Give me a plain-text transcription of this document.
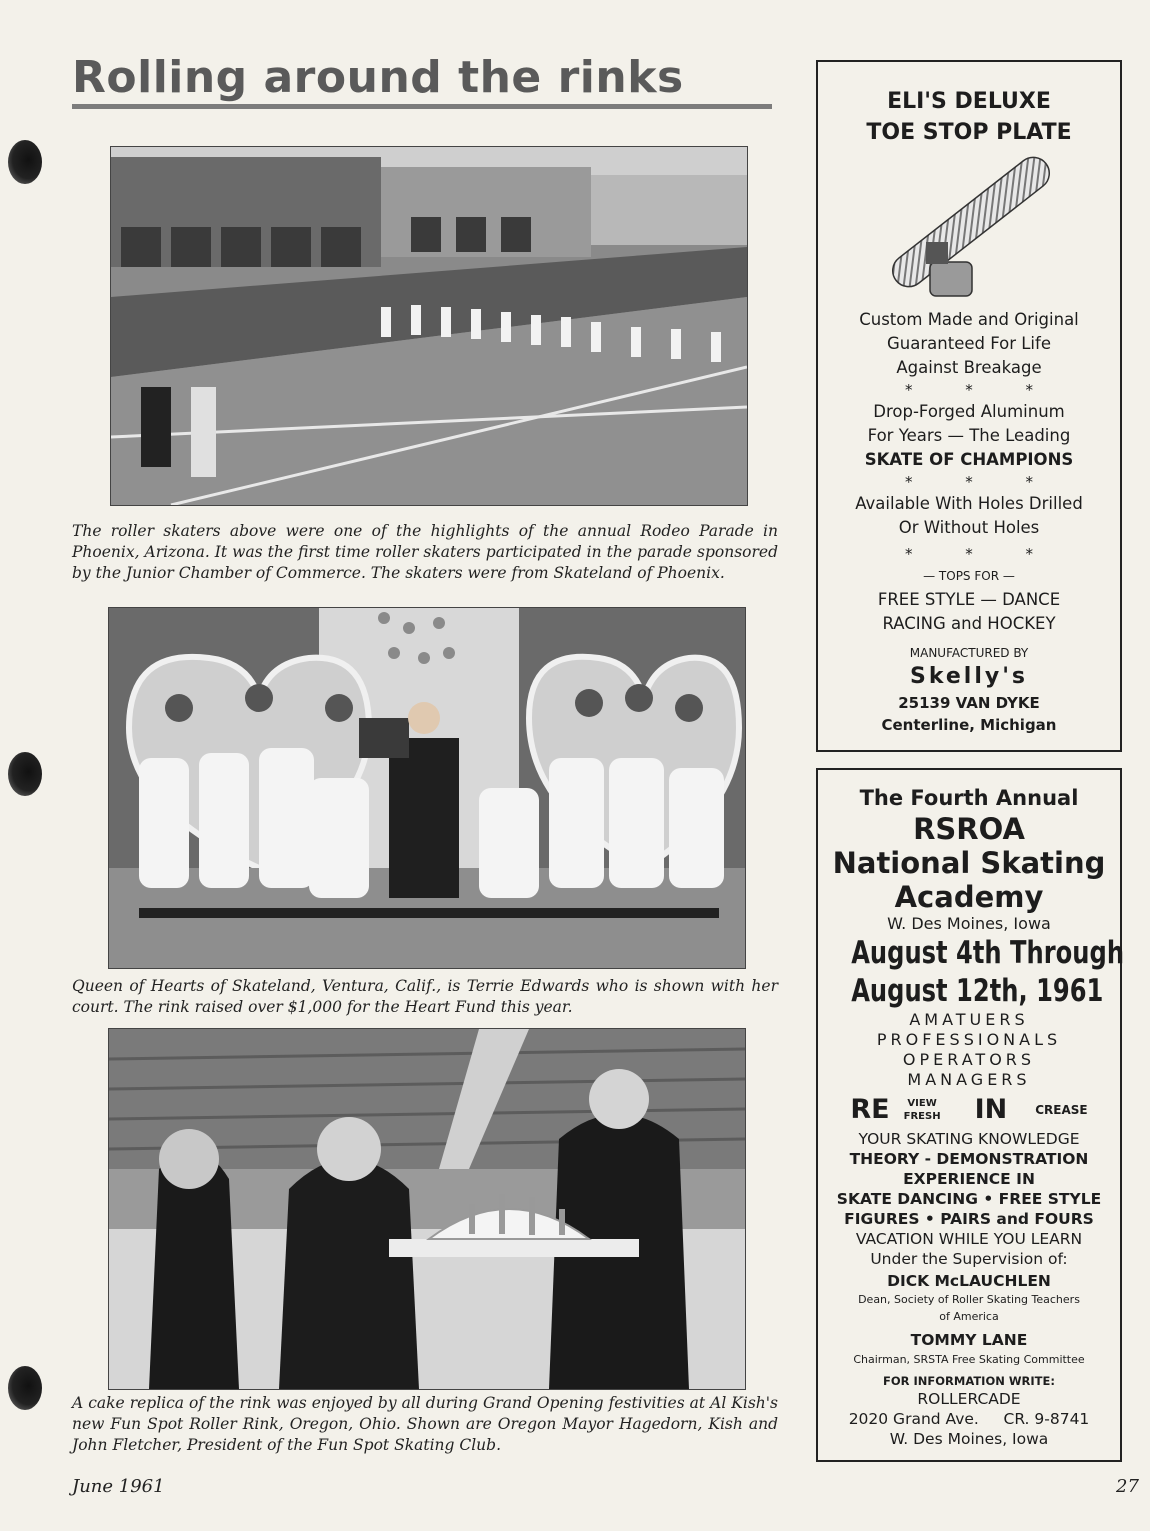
Rolling around the rinks

The roller skaters above were one of the highlights of the annual Rodeo Parade in Phoenix, Arizona. It was the first time roller skaters participated in the parade sponsored by the Junior Chamber of Commerce. The skaters were from Skateland of Phoenix.

Queen of Hearts of Skateland, Ventura, Calif., is Terrie Edwards who is shown with her court. The rink raised over $1,000 for the Heart Fund this year.

A cake replica of the rink was enjoyed by all during Grand Opening festivities at Al Kish's new Fun Spot Roller Rink, Oregon, Ohio. Shown are Oregon Mayor Hagedorn, Kish and John Fletcher, President of the Fun Spot Skating Club.

June 1961	27
ELI'S DELUXE
TOE STOP PLATE
Custom Made and Original
Guaranteed For Life
Against Breakage
* * *
Drop-Forged Aluminum
For Years — The Leading
SKATE OF CHAMPIONS
* * *
Available With Holes Drilled
Or Without Holes
* * *
— TOPS FOR —
FREE STYLE — DANCE
RACING and HOCKEY
MANUFACTURED BY
Skelly's
25139 VAN DYKE
Centerline, Michigan
The Fourth Annual
RSROA
National Skating
Academy
W. Des Moines, Iowa
August 4th Through
August 12th, 1961
AMATUERS
PROFESSIONALS
OPERATORS
MANAGERS
RE	VIEW
FRESH IN CREASE
YOUR SKATING KNOWLEDGE
THEORY - DEMONSTRATION
EXPERIENCE IN
SKATE DANCING • FREE STYLE
FIGURES • PAIRS and FOURS
VACATION WHILE YOU LEARN
Under the Supervision of:
DICK McLAUCHLEN
Dean, Society of Roller Skating Teachers
of America
TOMMY LANE
Chairman, SRSTA Free Skating Committee
FOR INFORMATION WRITE:
ROLLERCADE
2020 Grand Ave.     CR. 9-8741
W. Des Moines, Iowa
